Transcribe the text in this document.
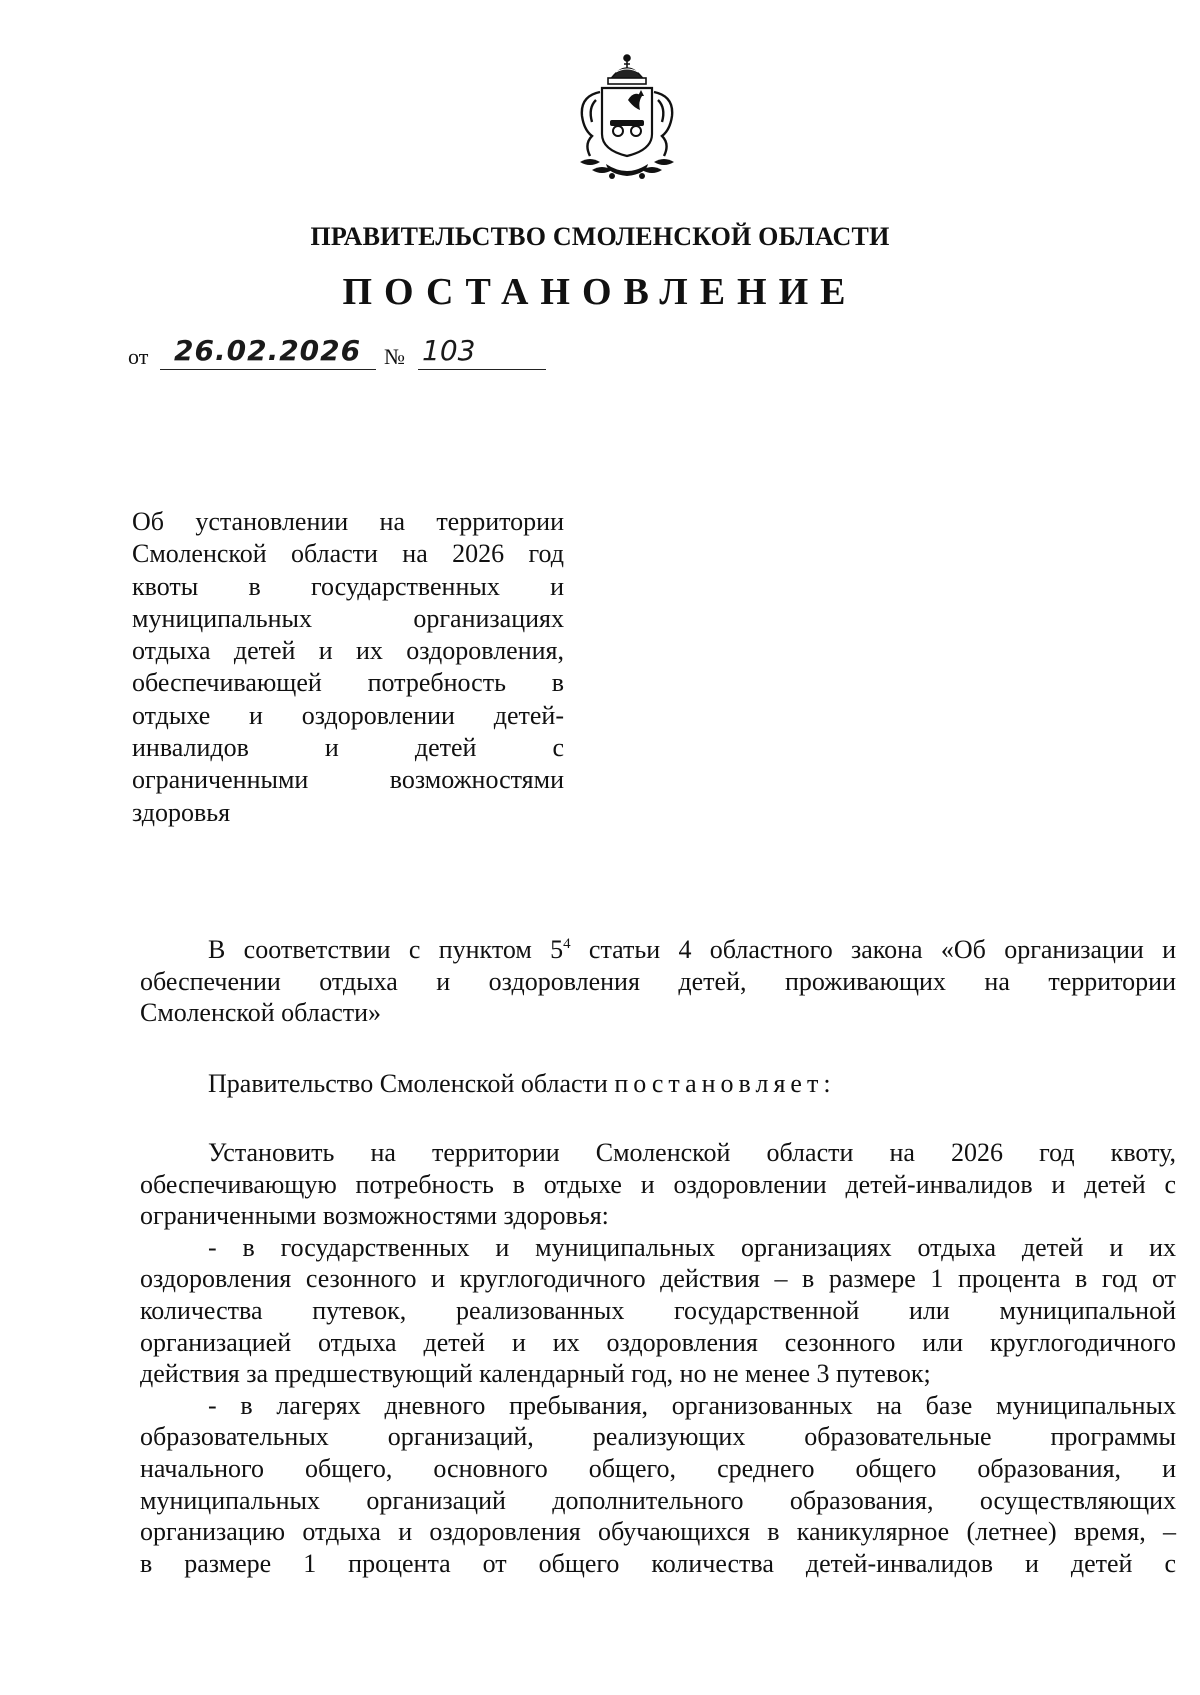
ПРАВИТЕЛЬСТВО СМОЛЕНСКОЙ ОБЛАСТИ
ПОСТАНОВЛЕНИЕ
от 26.02.2026	№ 103
Об установлении на территории
Смоленской области на 2026 год
квоты в государственных и
муниципальных организациях
отдыха детей и их оздоровления,
обеспечивающей потребность в
отдыхе и оздоровлении детей-
инвалидов и детей с
ограниченными возможностями
здоровья
В соответствии с пунктом $5^4$ статьи 4 областного закона «Об организации и
обеспечении отдыха и оздоровления детей, проживающих на территории
Смоленской области»
Правительство Смоленской области постановляет:
Установить на территории Смоленской области на 2026 год квоту,
обеспечивающую потребность в отдыхе и оздоровлении детей-инвалидов и детей с
ограниченными возможностями здоровья:
- в государственных и муниципальных организациях отдыха детей и их
оздоровления сезонного и круглогодичного действия – в размере 1 процента в год от
количества путевок, реализованных государственной или муниципальной
организацией отдыха детей и их оздоровления сезонного или круглогодичного
действия за предшествующий календарный год, но не менее 3 путевок;
- в лагерях дневного пребывания, организованных на базе муниципальных
образовательных организаций, реализующих образовательные программы
начального общего, основного общего, среднего общего образования, и
муниципальных организаций дополнительного образования, осуществляющих
организацию отдыха и оздоровления обучающихся в каникулярное (летнее) время, –
в размере 1 процента от общего количества детей-инвалидов и детей с
